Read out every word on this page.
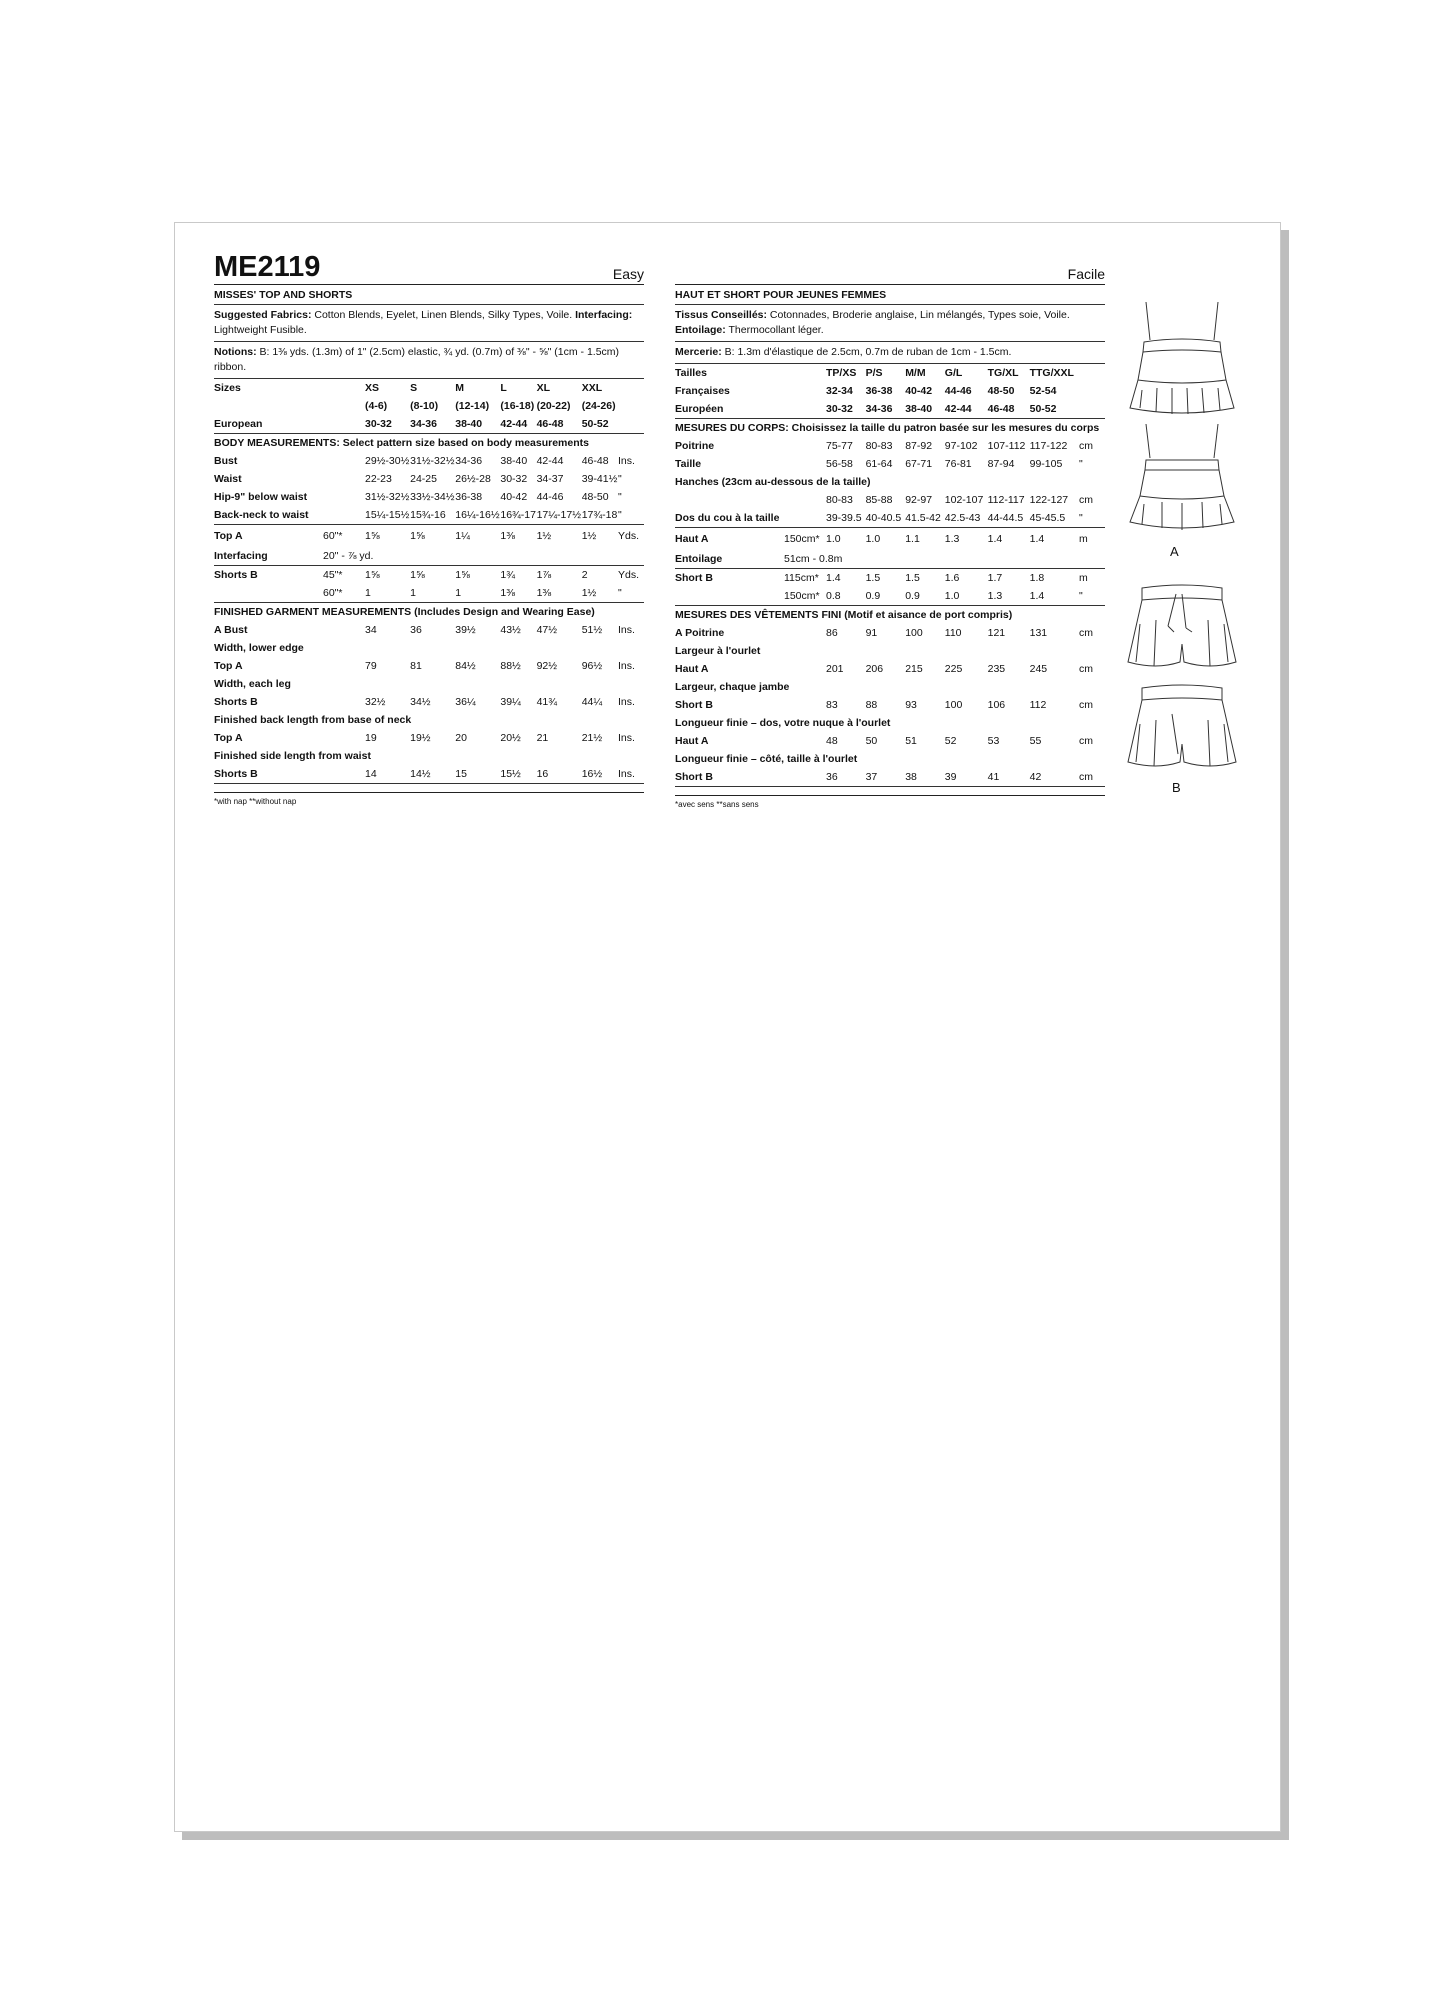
ME2119	Easy
MISSES' TOP AND SHORTS
Suggested Fabrics: Cotton Blends, Eyelet, Linen Blends, Silky Types, Voile. Interfacing: Lightweight Fusible.
Notions: B: 1⅜ yds. (1.3m) of 1" (2.5cm) elastic, ¾ yd. (0.7m) of ⅜" - ⅝" (1cm - 1.5cm) ribbon.
Sizes		XS	S	M	L	XL	XXL	
		(4-6)	(8-10)	(12-14)	(16-18)	(20-22)	(24-26)	
European		30-32	34-36	38-40	42-44	46-48	50-52	
BODY MEASUREMENTS: Select pattern size based on body measurements								
Bust		29½-30½	31½-32½	34-36	38-40	42-44	46-48	Ins.
Waist		22-23	24-25	26½-28	30-32	34-37	39-41½	"
Hip-9" below waist		31½-32½	33½-34½	36-38	40-42	44-46	48-50	"
Back-neck to waist		15¼-15½	15¾-16	16¼-16½	16¾-17	17¼-17½	17¾-18	"
Top A	60"*	1⅝	1⅝	1¼	1⅜	1½	1½	Yds.
Interfacing	20" - ⅞ yd.							
Shorts B	45"*	1⅝	1⅝	1⅝	1¾	1⅞	2	Yds.
	60"*	1	1	1	1⅜	1⅜	1½	"
FINISHED GARMENT MEASUREMENTS (Includes Design and Wearing Ease)								
A Bust		34	36	39½	43½	47½	51½	Ins.
Width, lower edge								
Top A		79	81	84½	88½	92½	96½	Ins.
Width, each leg								
Shorts B		32½	34½	36¼	39¼	41¾	44¼	Ins.
Finished back length from base of neck								
Top A		19	19½	20	20½	21	21½	Ins.
Finished side length from waist								
Shorts B		14	14½	15	15½	16	16½	Ins.
*with nap **without nap
Facile
HAUT ET SHORT POUR JEUNES FEMMES
Tissus Conseillés: Cotonnades, Broderie anglaise, Lin mélangés, Types soie, Voile. Entoilage: Thermocollant léger.
Mercerie: B: 1.3m d'élastique de 2.5cm, 0.7m de ruban de 1cm - 1.5cm.
Tailles		TP/XS	P/S	M/M	G/L	TG/XL	TTG/XXL	
Françaises		32-34	36-38	40-42	44-46	48-50	52-54	
Européen		30-32	34-36	38-40	42-44	46-48	50-52	
MESURES DU CORPS: Choisissez la taille du patron basée sur les mesures du corps								
Poitrine		75-77	80-83	87-92	97-102	107-112	117-122	cm
Taille		56-58	61-64	67-71	76-81	87-94	99-105	"
Hanches (23cm au-dessous de la taille)								
		80-83	85-88	92-97	102-107	112-117	122-127	cm
Dos du cou à la taille		39-39.5	40-40.5	41.5-42	42.5-43	44-44.5	45-45.5	"
Haut A	150cm*	1.0	1.0	1.1	1.3	1.4	1.4	m
Entoilage	51cm - 0.8m							
Short B	115cm*	1.4	1.5	1.5	1.6	1.7	1.8	m
	150cm*	0.8	0.9	0.9	1.0	1.3	1.4	"
MESURES DES VÊTEMENTS FINI (Motif et aisance de port compris)								
A Poitrine		86	91	100	110	121	131	cm
Largeur à l'ourlet								
Haut A		201	206	215	225	235	245	cm
Largeur, chaque jambe								
Short B		83	88	93	100	106	112	cm
Longueur finie – dos, votre nuque à l'ourlet								
Haut A		48	50	51	52	53	55	cm
Longueur finie – côté, taille à l'ourlet								
Short B		36	37	38	39	41	42	cm
*avec sens **sans sens
A
B
